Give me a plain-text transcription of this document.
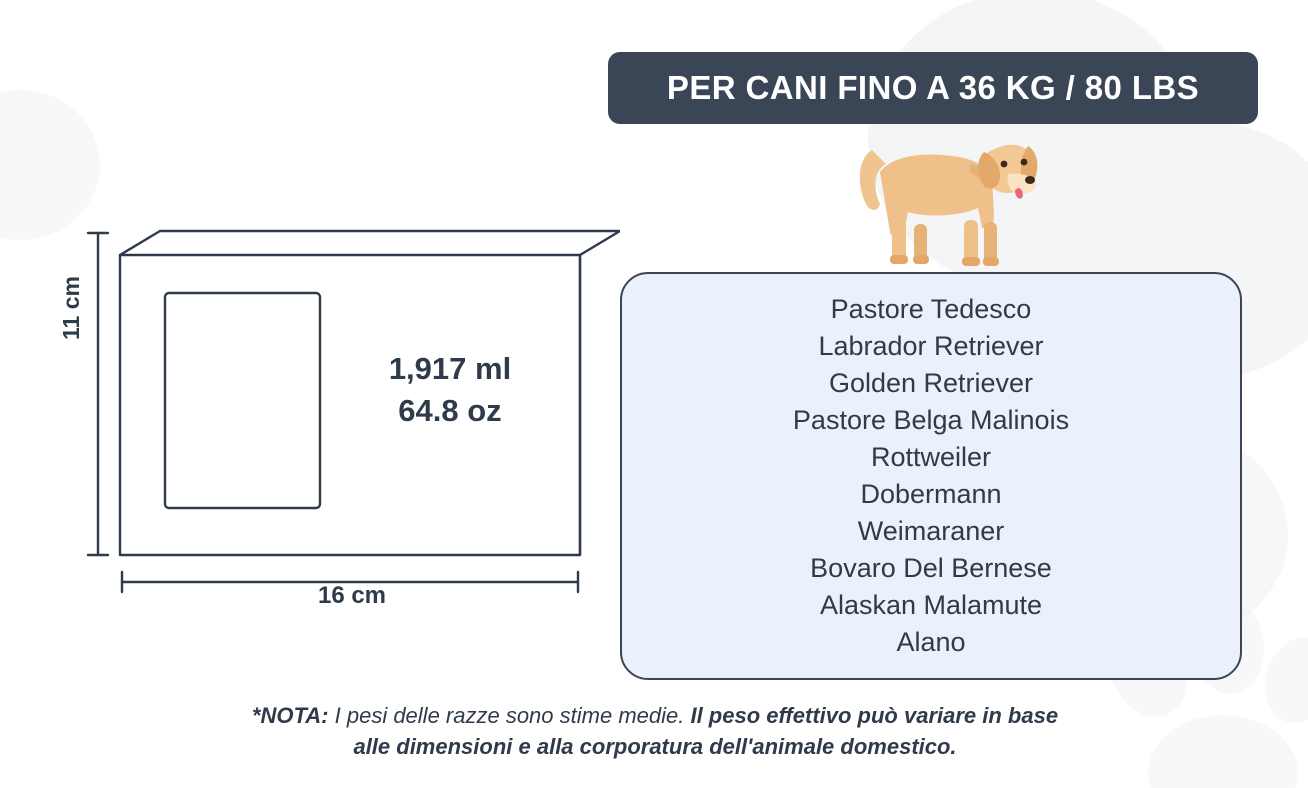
PER CANI FINO A 36 KG / 80 LBS
Pastore Tedesco
Labrador Retriever
Golden Retriever
Pastore Belga Malinois
Rottweiler
Dobermann
Weimaraner
Bovaro Del Bernese
Alaskan Malamute
Alano
1,917 ml
64.8 oz
11 cm
16 cm
*NOTA: I pesi delle razze sono stime medie. Il peso effettivo può variare in base
alle dimensioni e alla corporatura dell'animale domestico.
